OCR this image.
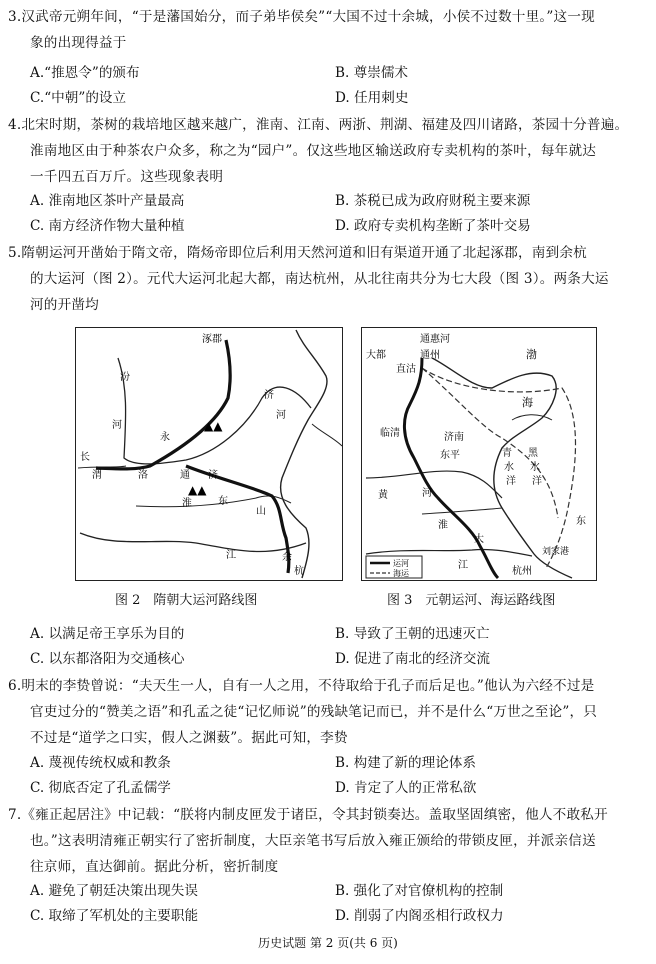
3.汉武帝元朔年间，“于是藩国始分，而子弟毕侯矣”“大国不过十余城，小侯不过数十里。”这一现

象的出现得益于

A.“推恩令”的颁布	B. 尊崇儒术
C.“中朝”的设立	D. 任用刺史

4.北宋时期，茶树的栽培地区越来越广，淮南、江南、两浙、荆湖、福建及四川诸路，茶园十分普遍。

淮南地区由于种茶农户众多，称之为“园户”。仅这些地区输送政府专卖机构的茶叶，每年就达

一千四五百万斤。这些现象表明

A. 淮南地区茶叶产量最高	B. 茶税已成为政府财税主要来源
C. 南方经济作物大量种植	D. 政府专卖机构垄断了茶叶交易

5.隋朝运河开凿始于隋文帝，隋炀帝即位后利用天然河道和旧有渠道开通了北起涿郡，南到余杭

的大运河（图 2）。元代大运河北起大都，南达杭州，从北往南共分为七大段（图 3）。两条大运

河的开凿均

▲▲
▲▲
涿郡
济
河
汾
河
长
渭	洛
永
通 济
淮	东
山
余
杭
江
图 2　隋朝大运河路线图
通惠河
大都	通州
直沽
渤
海
临清	济南
东平
黄	河
淮
江
青
水
洋
黑
水
洋
东
大
刘家港
杭州
运河
海运
图 3　元朝运河、海运路线图
A. 以满足帝王享乐为目的	B. 导致了王朝的迅速灭亡
C. 以东都洛阳为交通核心	D. 促进了南北的经济交流

6.明末的李贽曾说：“夫天生一人，自有一人之用，不待取给于孔子而后足也。”他认为六经不过是

官吏过分的“赞美之语”和孔孟之徒“记忆师说”的残缺笔记而已，并不是什么“万世之至论”，只

不过是“道学之口实，假人之渊薮”。据此可知，李贽

A. 蔑视传统权威和教条	B. 构建了新的理论体系
C. 彻底否定了孔孟儒学	D. 肯定了人的正常私欲

7.《雍正起居注》中记载：“朕将内制皮匣发于诸臣，令其封锁奏达。盖取坚固缜密，他人不敢私开

也。”这表明清雍正朝实行了密折制度，大臣亲笔书写后放入雍正颁给的带锁皮匣，并派亲信送

往京师，直达御前。据此分析，密折制度

A. 避免了朝廷决策出现失误	B. 强化了对官僚机构的控制
C. 取缔了军机处的主要职能	D. 削弱了内阁丞相行政权力
历史试题 第 2 页(共 6 页)
